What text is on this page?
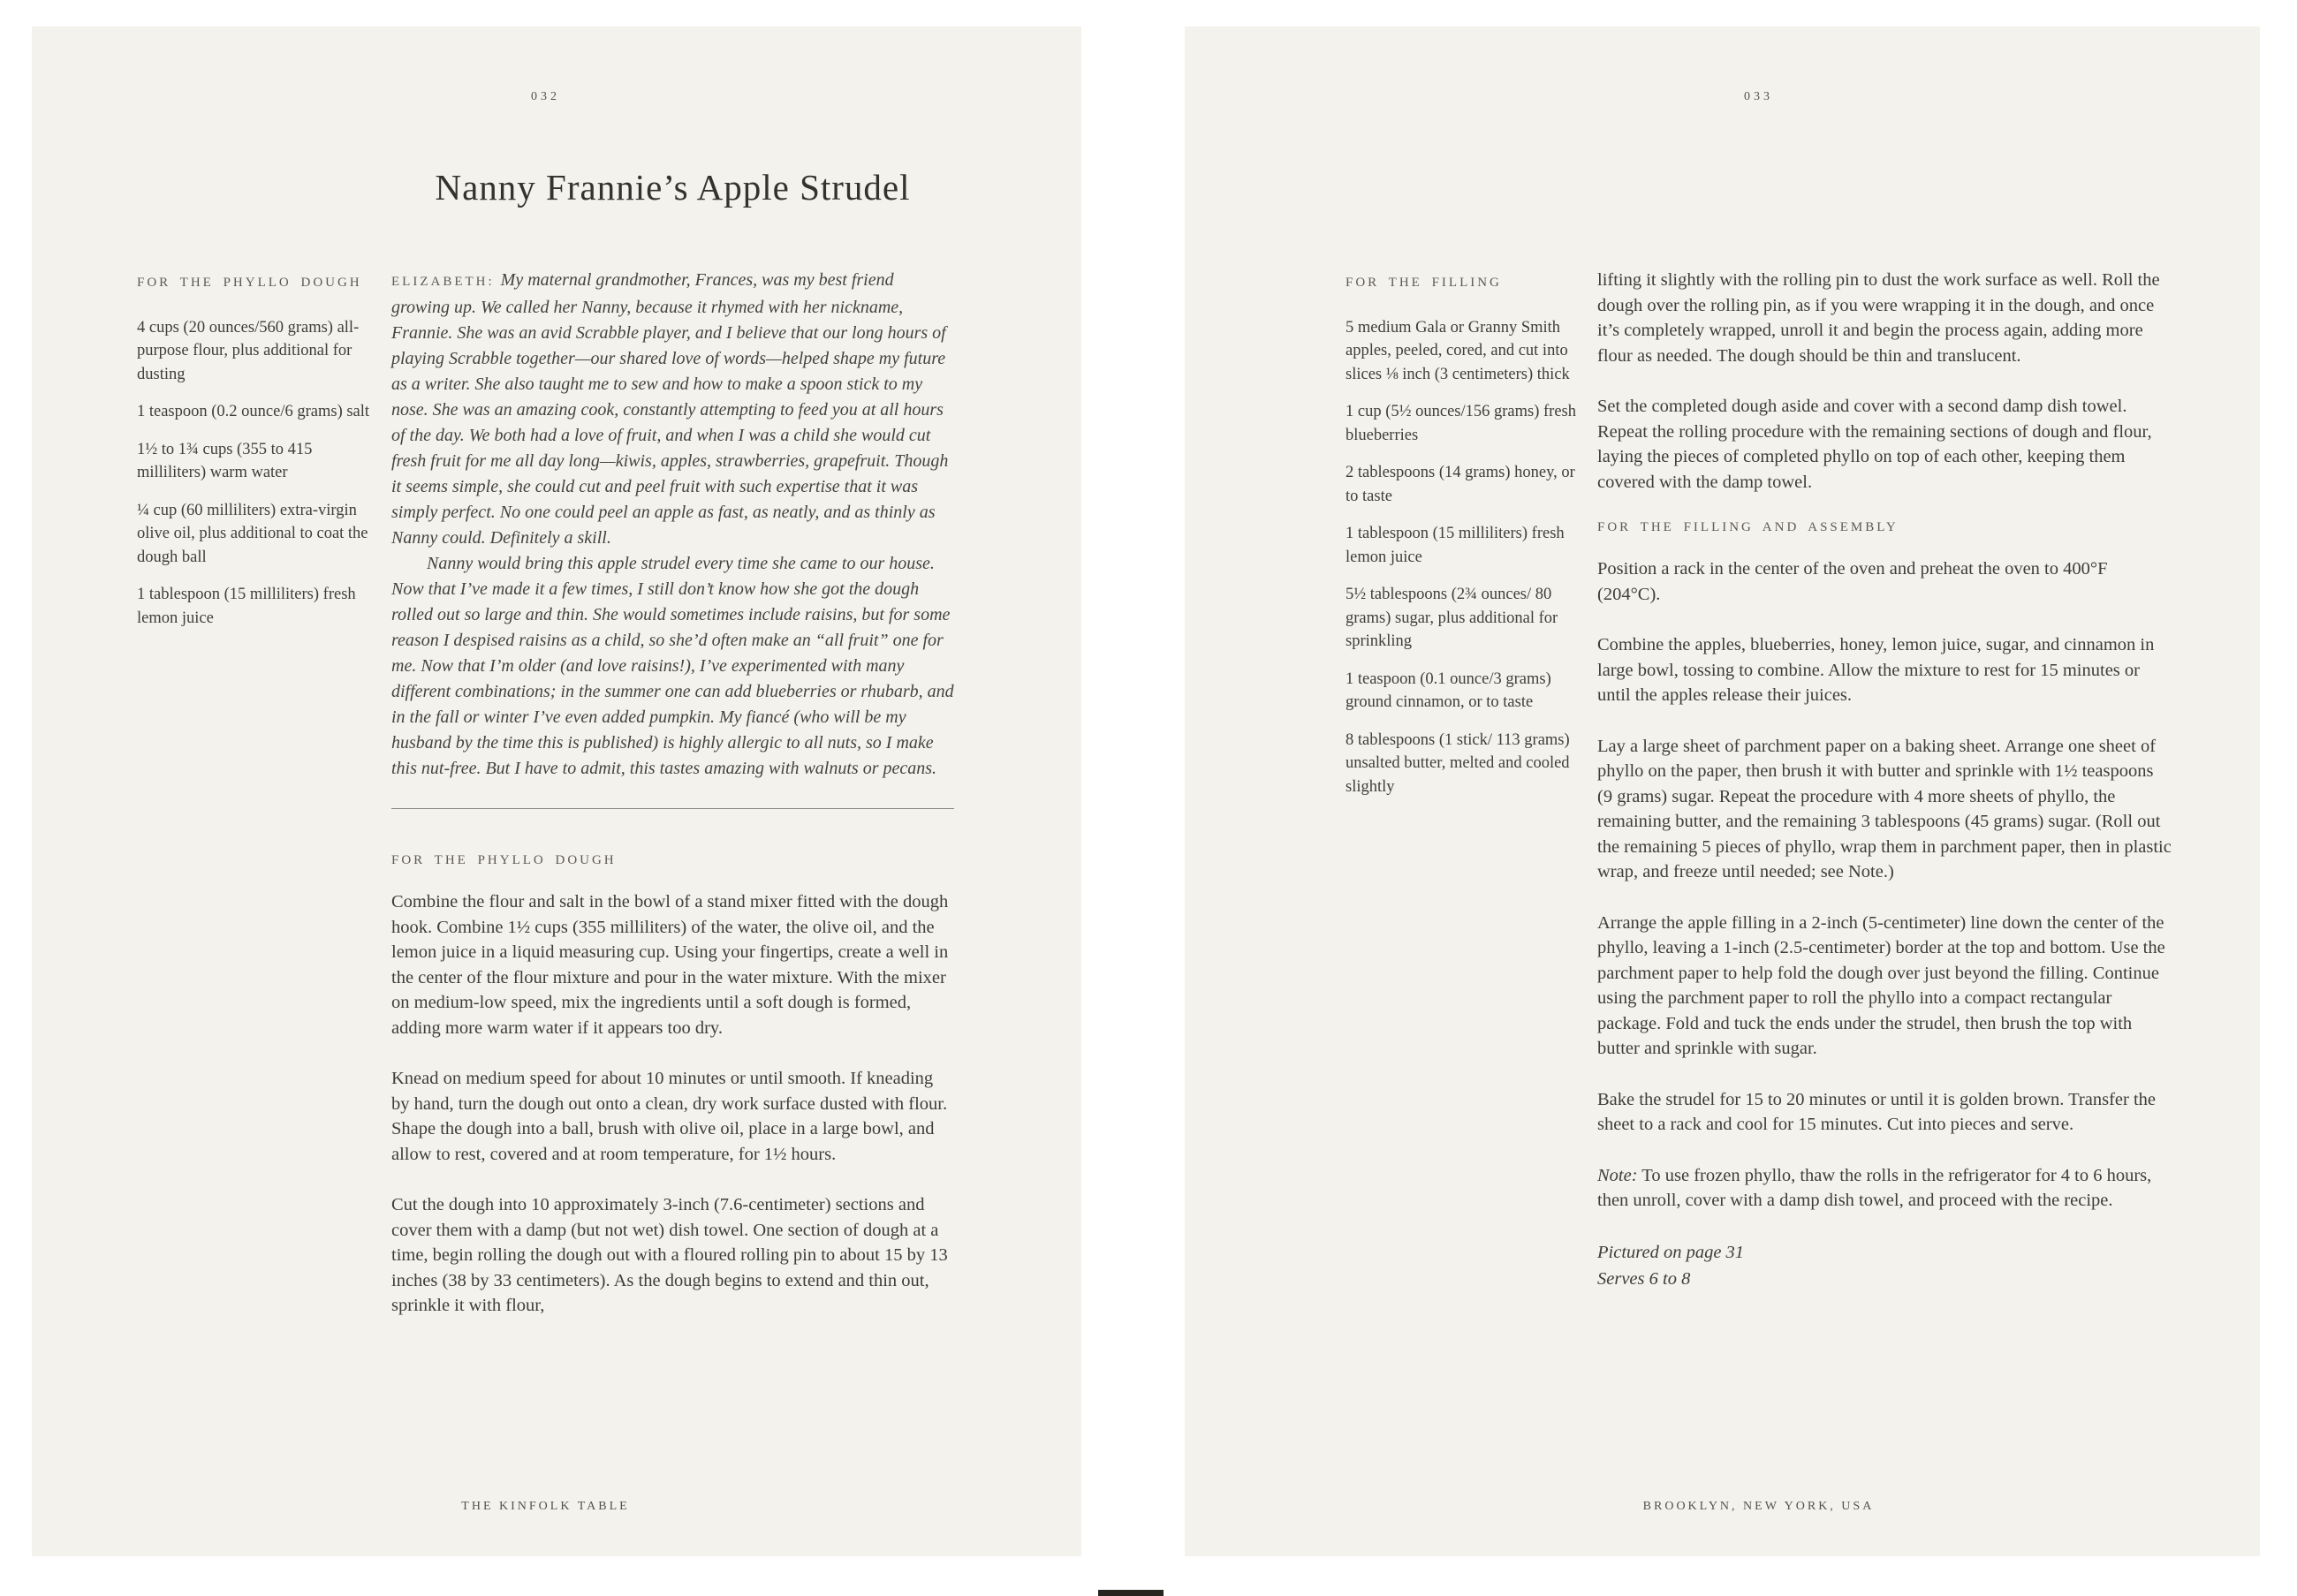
032
Nanny Frannie’s Apple Strudel
FOR THE PHYLLO DOUGH

4 cups (20 ounces/560 grams) all-purpose flour, plus additional for dusting

1 teaspoon (0.2 ounce/6 grams) salt

1½ to 1¾ cups (355 to 415 milliliters) warm water

¼ cup (60 milliliters) extra-virgin olive oil, plus additional to coat the dough ball

1 tablespoon (15 milliliters) fresh lemon juice

ELIZABETH: My maternal grandmother, Frances, was my best friend growing up. We called her Nanny, because it rhymed with her nickname, Frannie. She was an avid Scrabble player, and I believe that our long hours of playing Scrabble together—our shared love of words—helped shape my future as a writer. She also taught me to sew and how to make a spoon stick to my nose. She was an amazing cook, constantly attempting to feed you at all hours of the day. We both had a love of fruit, and when I was a child she would cut fresh fruit for me all day long—kiwis, apples, strawberries, grapefruit. Though it seems simple, she could cut and peel fruit with such expertise that it was simply perfect. No one could peel an apple as fast, as neatly, and as thinly as Nanny could. Definitely a skill.

Nanny would bring this apple strudel every time she came to our house. Now that I’ve made it a few times, I still don’t know how she got the dough rolled out so large and thin. She would sometimes include raisins, but for some reason I despised raisins as a child, so she’d often make an “all fruit” one for me. Now that I’m older (and love raisins!), I’ve experimented with many different combinations; in the summer one can add blueberries or rhubarb, and in the fall or winter I’ve even added pumpkin. My fiancé (who will be my husband by the time this is published) is highly allergic to all nuts, so I make this nut-free. But I have to admit, this tastes amazing with walnuts or pecans.

FOR THE PHYLLO DOUGH

Combine the flour and salt in the bowl of a stand mixer fitted with the dough hook. Combine 1½ cups (355 milliliters) of the water, the olive oil, and the lemon juice in a liquid measuring cup. Using your fingertips, create a well in the center of the flour mixture and pour in the water mixture. With the mixer on medium-low speed, mix the ingredients until a soft dough is formed, adding more warm water if it appears too dry.

Knead on medium speed for about 10 minutes or until smooth. If kneading by hand, turn the dough out onto a clean, dry work surface dusted with flour. Shape the dough into a ball, brush with olive oil, place in a large bowl, and allow to rest, covered and at room temperature, for 1½ hours.

Cut the dough into 10 approximately 3-inch (7.6-centimeter) sections and cover them with a damp (but not wet) dish towel. One section of dough at a time, begin rolling the dough out with a floured rolling pin to about 15 by 13 inches (38 by 33 centimeters). As the dough begins to extend and thin out, sprinkle it with flour,

THE KINFOLK TABLE
033
FOR THE FILLING

5 medium Gala or Granny Smith apples, peeled, cored, and cut into slices ⅛ inch (3 centimeters) thick

1 cup (5½ ounces/156 grams) fresh blueberries

2 tablespoons (14 grams) honey, or to taste

1 tablespoon (15 milliliters) fresh lemon juice

5½ tablespoons (2¾ ounces/ 80 grams) sugar, plus additional for sprinkling

1 teaspoon (0.1 ounce/3 grams) ground cinnamon, or to taste

8 tablespoons (1 stick/ 113 grams) unsalted butter, melted and cooled slightly

lifting it slightly with the rolling pin to dust the work surface as well. Roll the dough over the rolling pin, as if you were wrapping it in the dough, and once it’s completely wrapped, unroll it and begin the process again, adding more flour as needed. The dough should be thin and translucent.

Set the completed dough aside and cover with a second damp dish towel. Repeat the rolling procedure with the remaining sections of dough and flour, laying the pieces of completed phyllo on top of each other, keeping them covered with the damp towel.

FOR THE FILLING AND ASSEMBLY

Position a rack in the center of the oven and preheat the oven to 400°F (204°C).

Combine the apples, blueberries, honey, lemon juice, sugar, and cinnamon in large bowl, tossing to combine. Allow the mixture to rest for 15 minutes or until the apples release their juices.

Lay a large sheet of parchment paper on a baking sheet. Arrange one sheet of phyllo on the paper, then brush it with butter and sprinkle with 1½ teaspoons (9 grams) sugar. Repeat the procedure with 4 more sheets of phyllo, the remaining butter, and the remaining 3 tablespoons (45 grams) sugar. (Roll out the remaining 5 pieces of phyllo, wrap them in parchment paper, then in plastic wrap, and freeze until needed; see Note.)

Arrange the apple filling in a 2-inch (5-centimeter) line down the center of the phyllo, leaving a 1-inch (2.5-centimeter) border at the top and bottom. Use the parchment paper to help fold the dough over just beyond the filling. Continue using the parchment paper to roll the phyllo into a compact rectangular package. Fold and tuck the ends under the strudel, then brush the top with butter and sprinkle with sugar.

Bake the strudel for 15 to 20 minutes or until it is golden brown. Transfer the sheet to a rack and cool for 15 minutes. Cut into pieces and serve.

Note: To use frozen phyllo, thaw the rolls in the refrigerator for 4 to 6 hours, then unroll, cover with a damp dish towel, and proceed with the recipe.

Pictured on page 31

Serves 6 to 8

BROOKLYN, NEW YORK, USA
